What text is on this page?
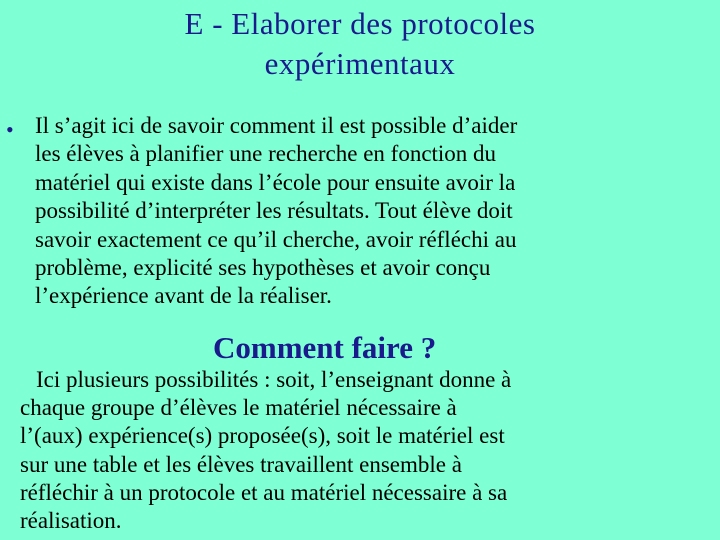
E - Elaborer des protocoles
expérimentaux
• Il s’agit ici de savoir comment il est possible d’aider
les élèves à planifier une recherche en fonction du
matériel qui existe dans l’école pour ensuite avoir la
possibilité d’interpréter les résultats. Tout élève doit
savoir exactement ce qu’il cherche, avoir réfléchi au
problème, explicité ses hypothèses et avoir conçu
l’expérience avant de la réaliser.

Comment faire ?

Ici plusieurs possibilités : soit, l’enseignant donne à
chaque groupe d’élèves le matériel nécessaire à
l’(aux) expérience(s) proposée(s), soit le matériel est
sur une table et les élèves travaillent ensemble à
réfléchir à un protocole et au matériel nécessaire à sa
réalisation.
